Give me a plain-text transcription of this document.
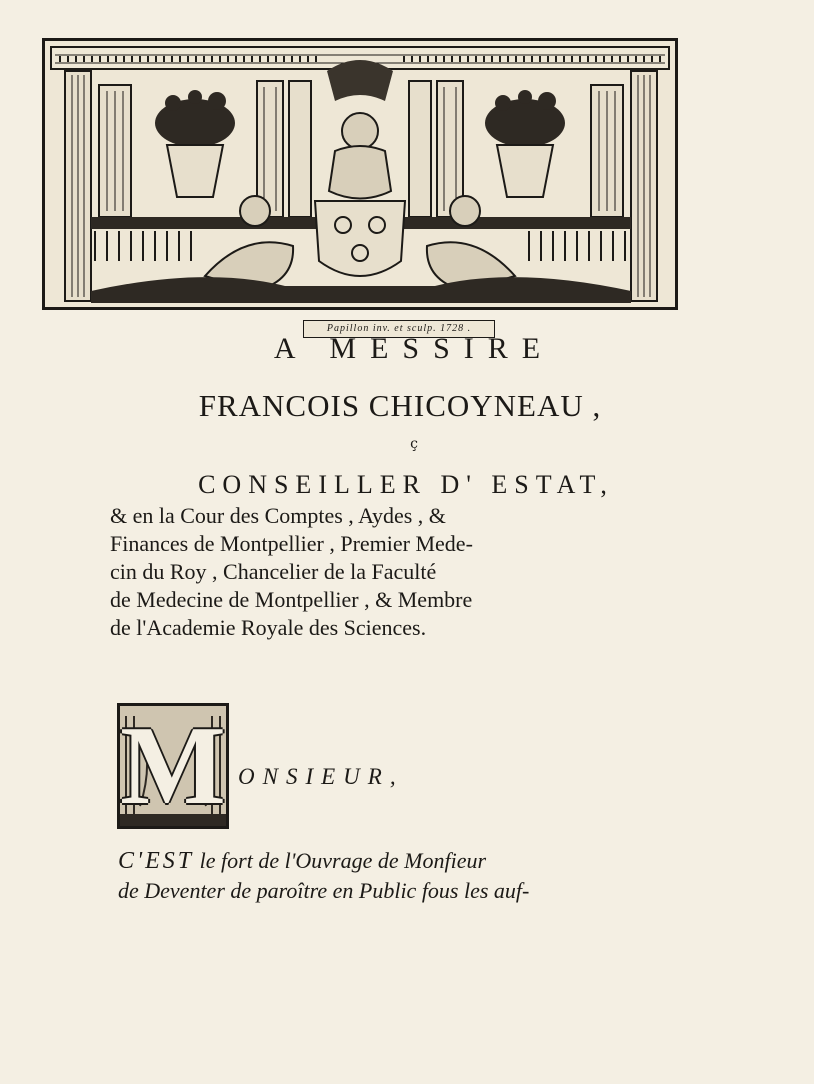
Papillon inv. et sculp. 1728 .
A MESSIRE
FRANCOIS CHICOYNEAU ,
ç
CONSEILLER D' ESTAT,
& en la Cour des Comptes , Aydes , &
Finances de Montpellier , Premier Mede-
cin du Roy , Chancelier de la Faculté
de Medecine de Montpellier , & Membre
de l'Academie Royale des Sciences.
M ONSIEUR,
C'EST le fort de l'Ouvrage de Monfieur
de Deventer de paroître en Public fous les auf-
